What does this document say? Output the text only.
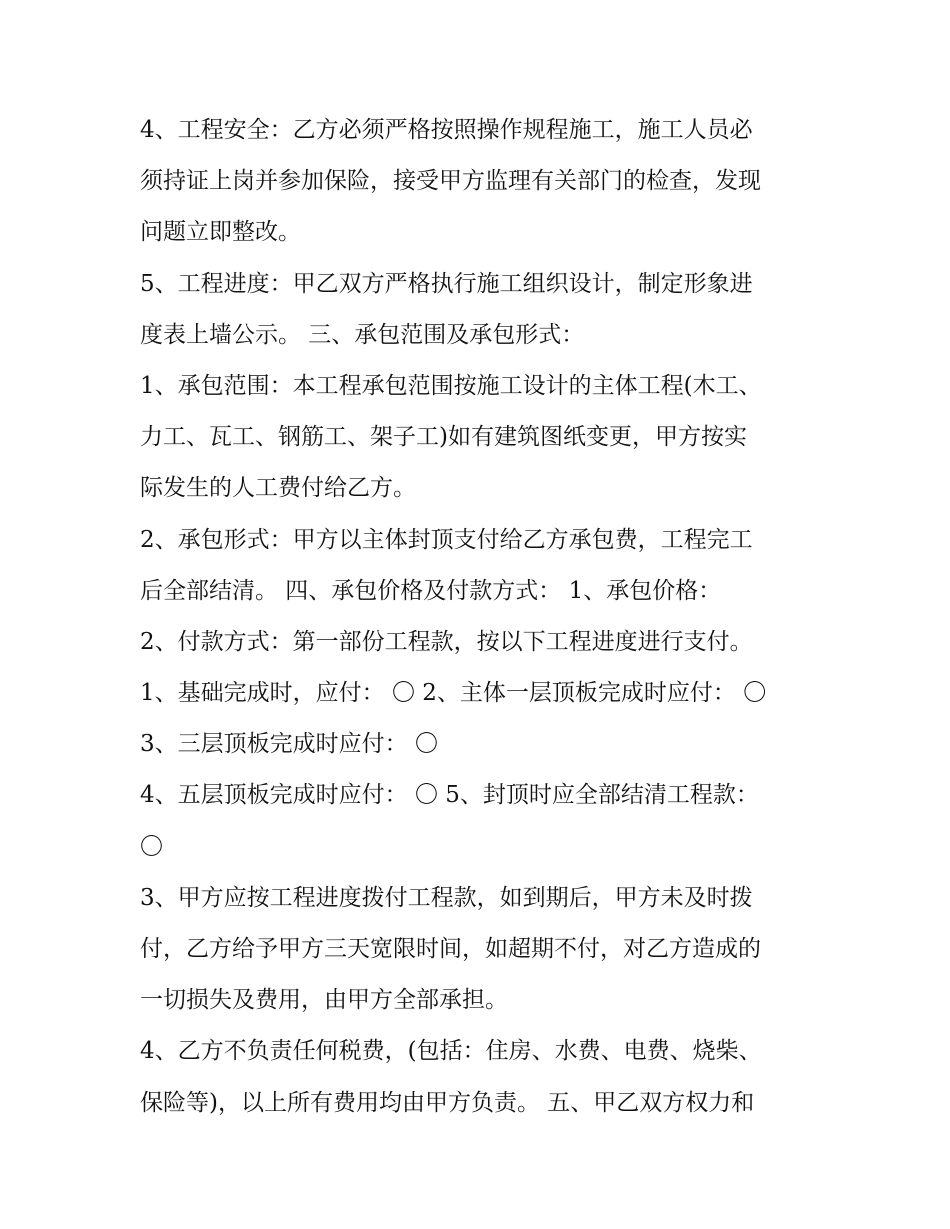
4、工程安全：乙方必须严格按照操作规程施工，施工人员必
须持证上岗并参加保险，接受甲方监理有关部门的检查，发现
问题立即整改。
5、工程进度：甲乙双方严格执行施工组织设计，制定形象进
度表上墙公示。 三、承包范围及承包形式：
1、承包范围：本工程承包范围按施工设计的主体工程(木工、
力工、瓦工、钢筋工、架子工)如有建筑图纸变更，甲方按实
际发生的人工费付给乙方。
2、承包形式：甲方以主体封顶支付给乙方承包费，工程完工
后全部结清。 四、承包价格及付款方式： 1、承包价格：
2、付款方式：第一部份工程款，按以下工程进度进行支付。
1、基础完成时，应付： 〇 2、主体一层顶板完成时应付： 〇
3、三层顶板完成时应付： 〇
4、五层顶板完成时应付： 〇 5、封顶时应全部结清工程款：
〇
3、甲方应按工程进度拨付工程款，如到期后，甲方未及时拨
付，乙方给予甲方三天宽限时间，如超期不付，对乙方造成的
一切损失及费用，由甲方全部承担。
4、乙方不负责任何税费，(包括：住房、水费、电费、烧柴、
保险等)，以上所有费用均由甲方负责。 五、甲乙双方权力和
